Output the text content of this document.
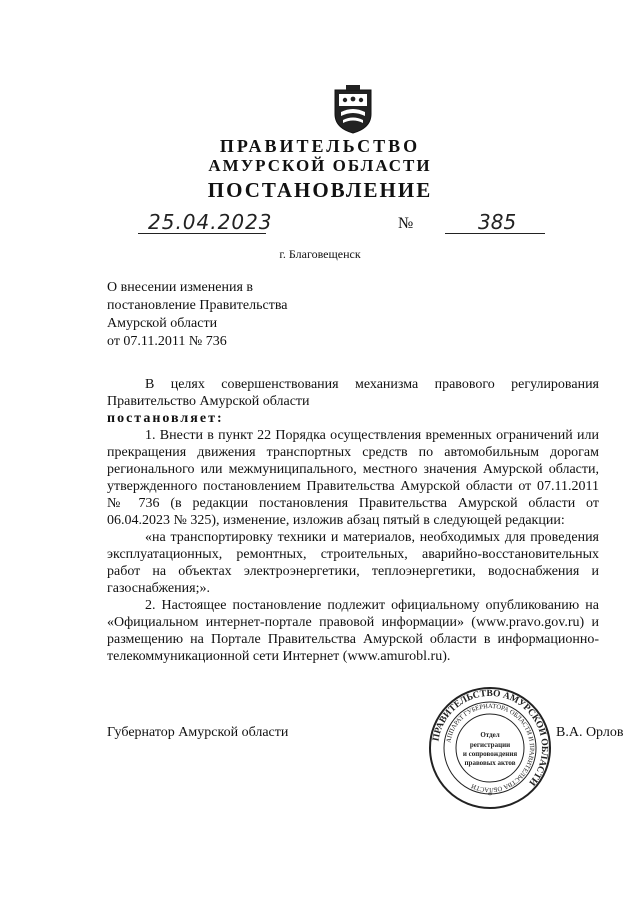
ПРАВИТЕЛЬСТВО
АМУРСКОЙ ОБЛАСТИ
ПОСТАНОВЛЕНИЕ
25.04.2023	№	385
г. Благовещенск
О внесении изменения в
постановление Правительства
Амурской области
от 07.11.2011 № 736

В целях совершенствования механизма правового регулирования Правительство Амурской области

постановляет:

1. Внести в пункт 22 Порядка осуществления временных ограничений или прекращения движения транспортных средств по автомобильным дорогам регионального или межмуниципального, местного значения Амурской области, утвержденного постановлением Правительства Амурской области от 07.11.2011 № 736 (в редакции постановления Правительства Амурской области от 06.04.2023 № 325), изменение, изложив абзац пятый в следующей редакции:

«на транспортировку техники и материалов, необходимых для проведения эксплуатационных, ремонтных, строительных, аварийно-восстановительных работ на объектах электроэнергетики, теплоэнергетики, водоснабжения и газоснабжения;».

2. Настоящее постановление подлежит официальному опубликованию на «Официальном интернет-портале правовой информации» (www.pravo.gov.ru) и размещению на Портале Правительства Амурской области в информационно-телекоммуникационной сети Интернет (www.amurobl.ru).

Губернатор Амурской области	В.А. Орлов
ПРАВИТЕЛЬСТВО АМУРСКОЙ ОБЛАСТИ
АППАРАТ ГУБЕРНАТОРА ОБЛАСТИ И ПРАВИТЕЛЬСТВА ОБЛАСТИ
Отдел
регистрации
и сопровождения
правовых актов
*
